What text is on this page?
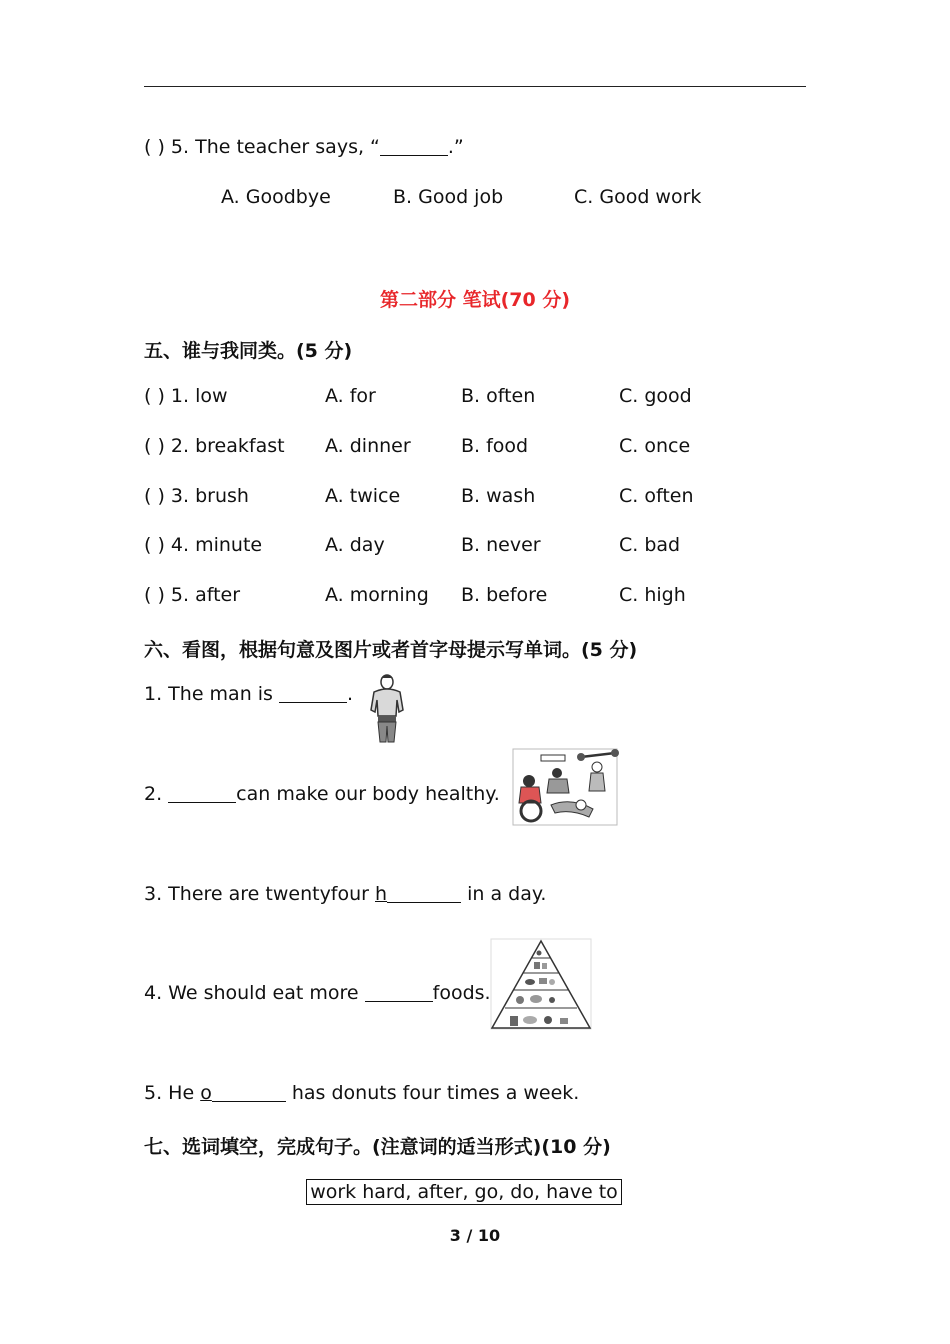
( ) 5. The teacher says, “	.”
A. Goodbye	B. Good job	C. Good work
第二部分 笔试(70 分)
五、谁与我同类。(5 分)
( ) 1. low	A. for	B. often	C. good
( ) 2. breakfast A. dinner	B. food	C. once
( ) 3. brush	A. twice	B. wash	C. often
( ) 4. minute	A. day	B. never	C. bad
( ) 5. after	A. morning B. before	C. high
六、看图，根据句意及图片或者首字母提示写单词。(5 分)
1. The man is	.
2.	can make our body healthy.
3. There are twentyfour h	in a day.
4. We should eat more	foods.
5. He o	has donuts four times a week.
七、选词填空，完成句子。(注意词的适当形式)(10 分)
work hard, after, go, do, have to
3 / 10
